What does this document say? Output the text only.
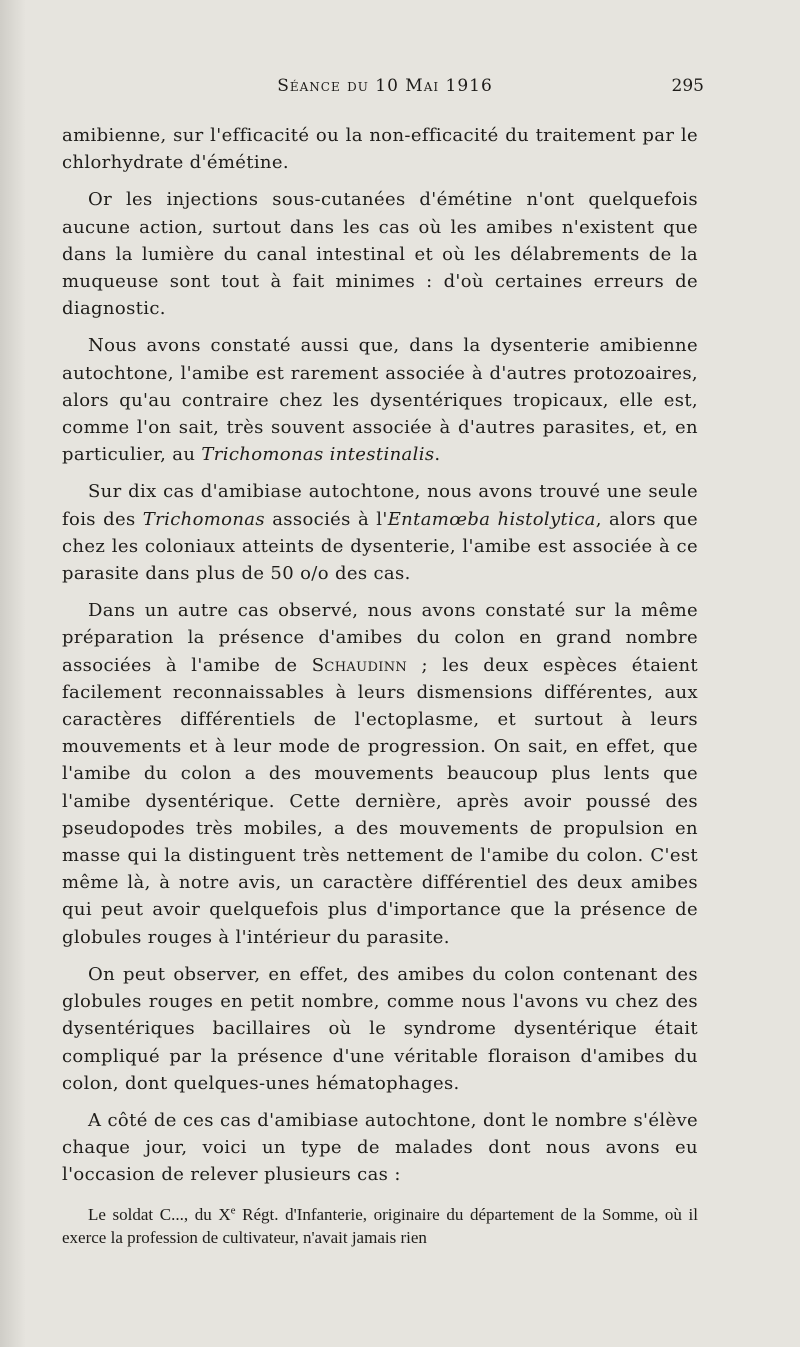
Séance du 10 Mai 1916	295

amibienne, sur l'efficacité ou la non-efficacité du traitement par le chlorhydrate d'émétine.

Or les injections sous-cutanées d'émétine n'ont quelquefois aucune action, surtout dans les cas où les amibes n'existent que dans la lumière du canal intestinal et où les délabrements de la muqueuse sont tout à fait minimes : d'où certaines erreurs de diagnostic.

Nous avons constaté aussi que, dans la dysenterie amibienne autochtone, l'amibe est rarement associée à d'autres protozoaires, alors qu'au contraire chez les dysentériques tropicaux, elle est, comme l'on sait, très souvent associée à d'autres parasites, et, en particulier, au Trichomonas intestinalis.

Sur dix cas d'amibiase autochtone, nous avons trouvé une seule fois des Trichomonas associés à l'Entamœba histolytica, alors que chez les coloniaux atteints de dysenterie, l'amibe est associée à ce parasite dans plus de 50 o/o des cas.

Dans un autre cas observé, nous avons constaté sur la même préparation la présence d'amibes du colon en grand nombre associées à l'amibe de Schaudinn ; les deux espèces étaient facilement reconnaissables à leurs dismensions différentes, aux caractères différentiels de l'ectoplasme, et surtout à leurs mouvements et à leur mode de progression. On sait, en effet, que l'amibe du colon a des mouvements beaucoup plus lents que l'amibe dysentérique. Cette dernière, après avoir poussé des pseudopodes très mobiles, a des mouvements de propulsion en masse qui la distinguent très nettement de l'amibe du colon. C'est même là, à notre avis, un caractère différentiel des deux amibes qui peut avoir quelquefois plus d'importance que la présence de globules rouges à l'intérieur du parasite.

On peut observer, en effet, des amibes du colon contenant des globules rouges en petit nombre, comme nous l'avons vu chez des dysentériques bacillaires où le syndrome dysentérique était compliqué par la présence d'une véritable floraison d'amibes du colon, dont quelques-unes hématophages.

A côté de ces cas d'amibiase autochtone, dont le nombre s'élève chaque jour, voici un type de malades dont nous avons eu l'occasion de relever plusieurs cas :

Le soldat C..., du Xe Régt. d'Infanterie, originaire du département de la Somme, où il exerce la profession de cultivateur, n'avait jamais rien
